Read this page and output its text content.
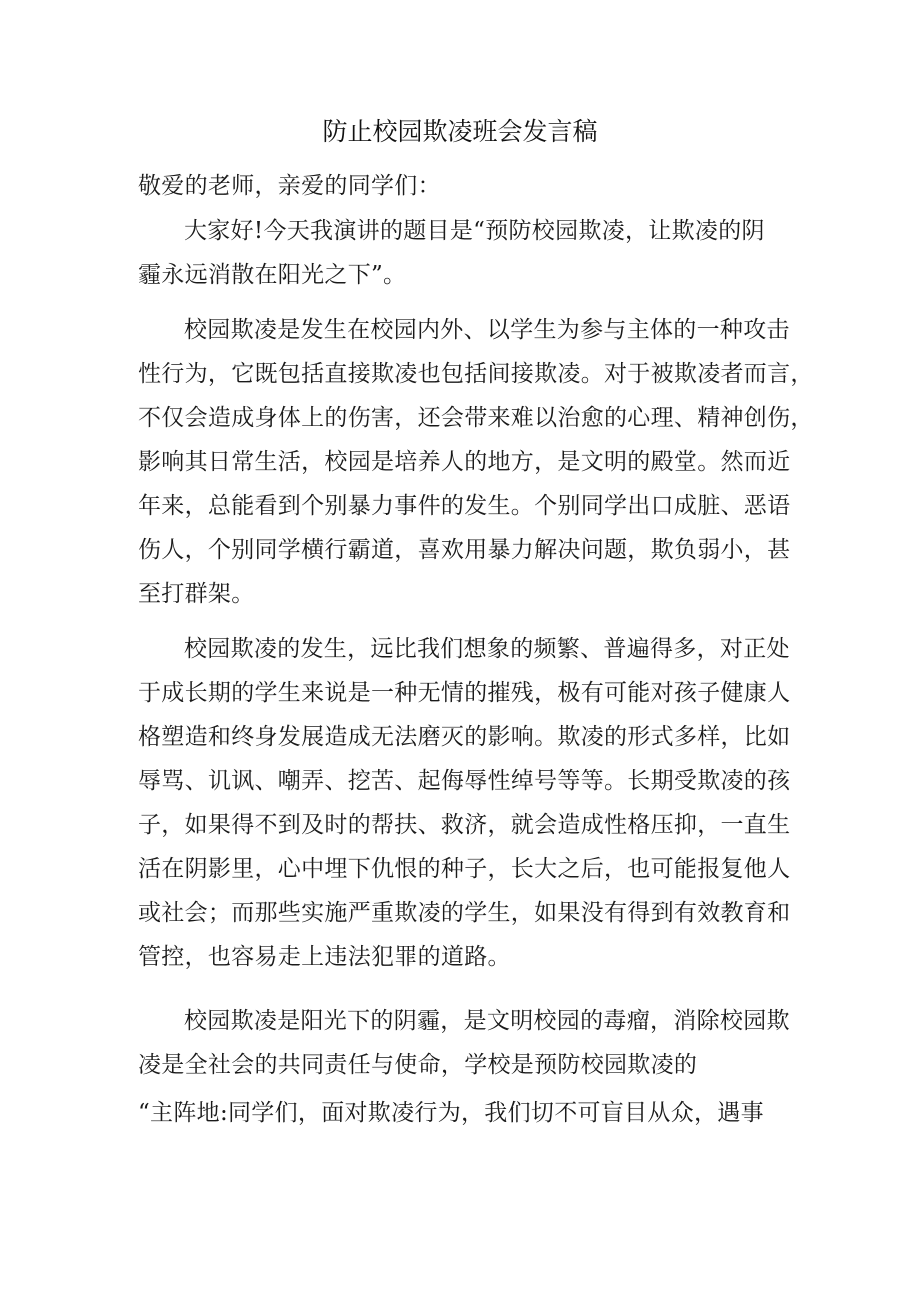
防止校园欺凌班会发言稿
敬爱的老师，亲爱的同学们：
大家好!今天我演讲的题目是“预防校园欺凌，让欺凌的阴
霾永远消散在阳光之下”。
校园欺凌是发生在校园内外、以学生为参与主体的一种攻击
性行为，它既包括直接欺凌也包括间接欺凌。对于被欺凌者而言，
不仅会造成身体上的伤害，还会带来难以治愈的心理、精神创伤，
影响其日常生活，校园是培养人的地方，是文明的殿堂。然而近
年来，总能看到个别暴力事件的发生。个别同学出口成脏、恶语
伤人，个别同学横行霸道，喜欢用暴力解决问题，欺负弱小，甚
至打群架。
校园欺凌的发生，远比我们想象的频繁、普遍得多，对正处
于成长期的学生来说是一种无情的摧残，极有可能对孩子健康人
格塑造和终身发展造成无法磨灭的影响。欺凌的形式多样，比如
辱骂、讥讽、嘲弄、挖苦、起侮辱性绰号等等。长期受欺凌的孩
子，如果得不到及时的帮扶、救济，就会造成性格压抑，一直生
活在阴影里，心中埋下仇恨的种子，长大之后，也可能报复他人
或社会；而那些实施严重欺凌的学生，如果没有得到有效教育和
管控，也容易走上违法犯罪的道路。
校园欺凌是阳光下的阴霾，是文明校园的毒瘤，消除校园欺
凌是全社会的共同责任与使命，学校是预防校园欺凌的
“主阵地:同学们，面对欺凌行为，我们切不可盲目从众，遇事
